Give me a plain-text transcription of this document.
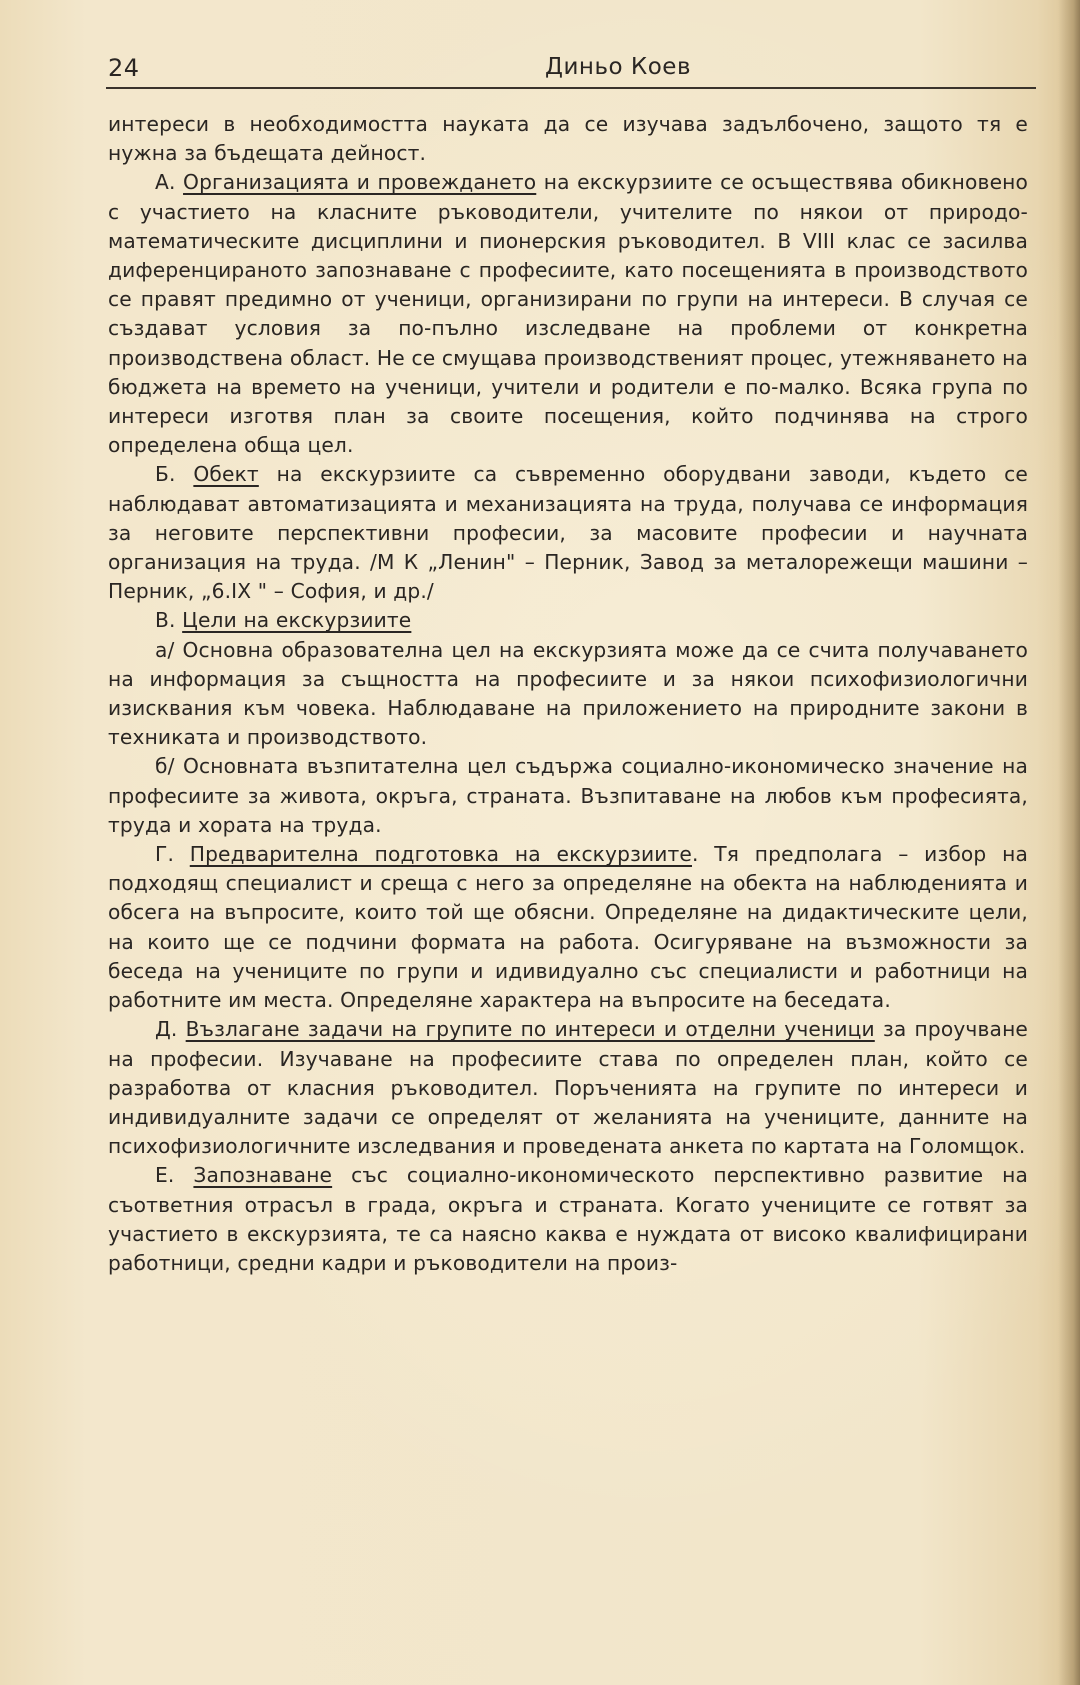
24	Диньо Коев

интереси в необходимостта науката да се изучава задълбочено, защото тя е нужна за бъдещата дейност.

А. Организацията и провеждането на екскурзиите се осъществява обикновено с участието на класните ръководители, учителите по някои от природо-математическите дисциплини и пионерския ръководител. В VIII клас се засилва диференцираното запознаване с професиите, като посещенията в производството се правят предимно от ученици, организирани по групи на интереси. В случая се създават условия за по-пълно изследване на проблеми от конкретна производствена област. Не се смущава производственият процес, утежняването на бюджета на времето на ученици, учители и родители е по-малко. Всяка група по интереси изготвя план за своите посещения, който подчинява на строго определена обща цел.

Б. Обект на екскурзиите са съвременно оборудвани заводи, където се наблюдават автоматизацията и механизацията на труда, получава се информация за неговите перспективни професии, за масовите професии и научната организация на труда. /М К „Ленин" – Перник, Завод за металорежещи машини – Перник, „6.IX " – София, и др./

В. Цели на екскурзиите

а/ Основна образователна цел на екскурзията може да се счита получаването на информация за същността на професиите и за някои психофизиологични изисквания към човека. Наблюдаване на приложението на природните закони в техниката и производството.

б/ Основната възпитателна цел съдържа социално-икономическо значение на професиите за живота, окръга, страната. Възпитаване на любов към професията, труда и хората на труда.

Г. Предварителна подготовка на екскурзиите. Тя предполага – избор на подходящ специалист и среща с него за определяне на обекта на наблюденията и обсега на въпросите, които той ще обясни. Определяне на дидактическите цели, на които ще се подчини формата на работа. Осигуряване на възможности за беседа на учениците по групи и идивидуално със специалисти и работници на работните им места. Определяне характера на въпросите на беседата.

Д. Възлагане задачи на групите по интереси и отделни ученици за проучване на професии. Изучаване на професиите става по определен план, който се разработва от класния ръководител. Поръченията на групите по интереси и индивидуалните задачи се определят от желанията на учениците, данните на психофизиологичните изследвания и проведената анкета по картата на Голомщок.

Е. Запознаване със социално-икономическото перспективно развитие на съответния отрасъл в града, окръга и страната. Когато учениците се готвят за участието в екскурзията, те са наясно каква е нуждата от високо квалифицирани работници, средни кадри и ръководители на произ-
